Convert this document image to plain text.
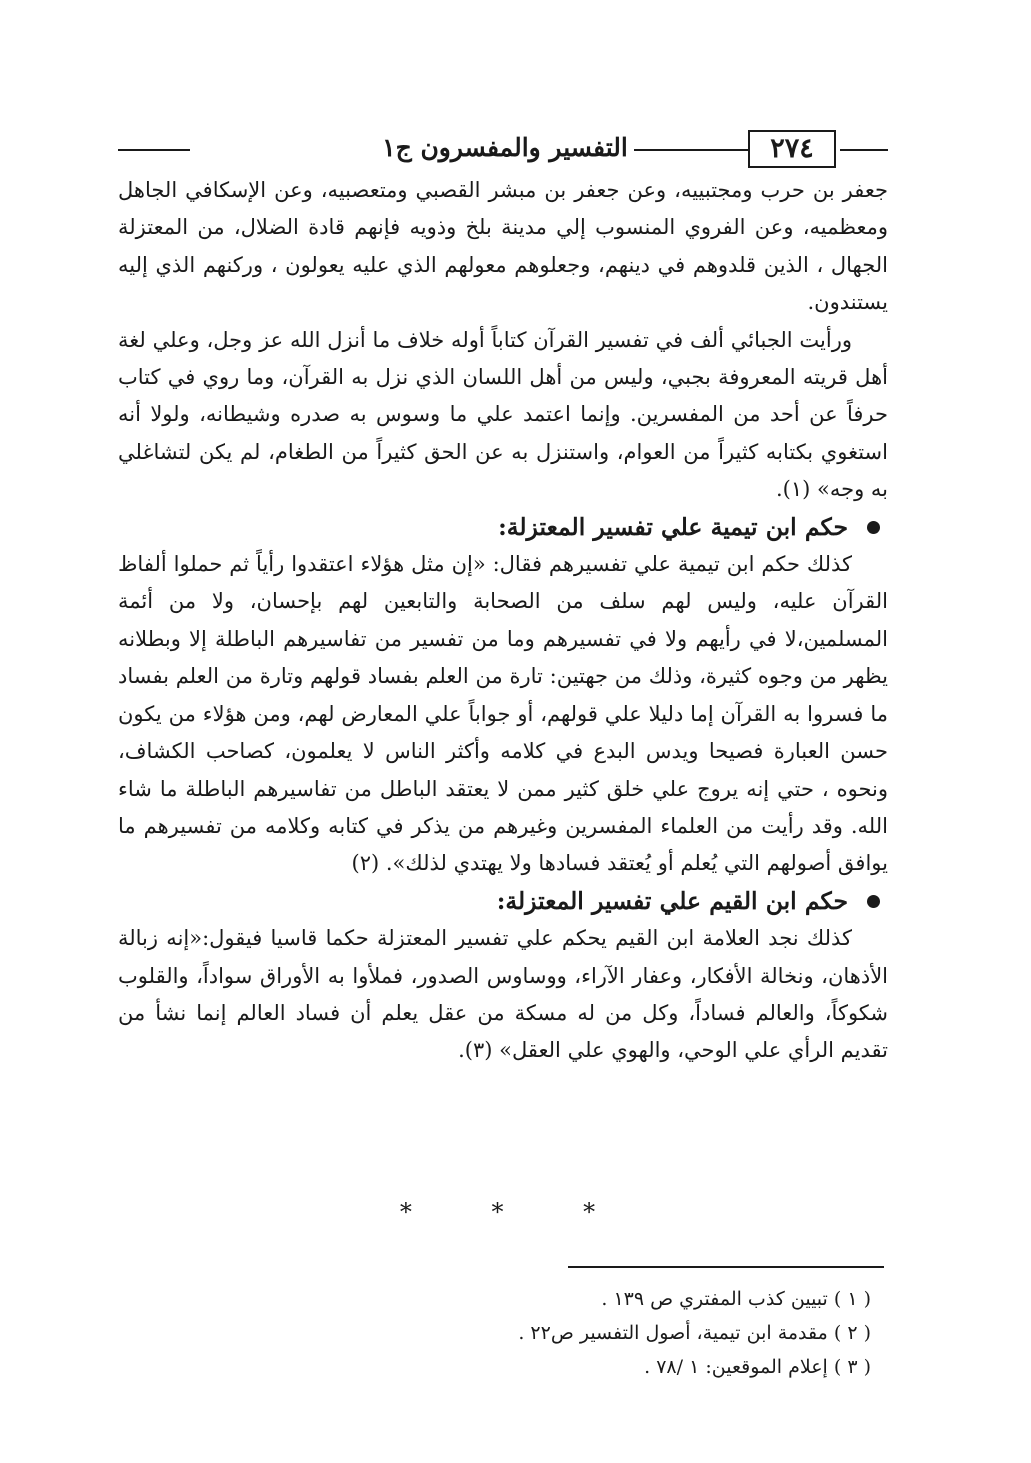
٢٧٤
التفسير والمفسرون ج١

جعفر بن حرب ومجتبييه، وعن جعفر بن مبشر القصبي ومتعصبيه، وعن الإسكافي الجاهل ومعظميه، وعن الفروي المنسوب إلي مدينة بلخ وذويه فإنهم قادة الضلال، من المعتزلة الجهال ، الذين قلدوهم في دينهم، وجعلوهم معولهم الذي عليه يعولون ، وركنهم الذي إليه يستندون.

ورأيت الجبائي ألف في تفسير القرآن كتاباً أوله خلاف ما أنزل الله عز وجل، وعلي لغة أهل قريته المعروفة بجبي، وليس من أهل اللسان الذي نزل به القرآن، وما روي في كتاب حرفاً عن أحد من المفسرين. وإنما اعتمد علي ما وسوس به صدره وشيطانه، ولولا أنه استغوي بكتابه كثيراً من العوام، واستنزل به عن الحق كثيراً من الطغام، لم يكن لتشاغلي به وجه» (١).

حكم ابن تيمية علي تفسير المعتزلة:

كذلك حكم ابن تيمية علي تفسيرهم فقال: «إن مثل هؤلاء اعتقدوا رأياً ثم حملوا ألفاظ القرآن عليه، وليس لهم سلف من الصحابة والتابعين لهم بإحسان، ولا من أئمة المسلمين،لا في رأيهم ولا في تفسيرهم وما من تفسير من تفاسيرهم الباطلة إلا وبطلانه يظهر من وجوه كثيرة، وذلك من جهتين: تارة من العلم بفساد قولهم وتارة من العلم بفساد ما فسروا به القرآن إما دليلا علي قولهم، أو جواباً علي المعارض لهم، ومن هؤلاء من يكون حسن العبارة فصيحا ويدس البدع في كلامه وأكثر الناس لا يعلمون، كصاحب الكشاف، ونحوه ، حتي إنه يروج علي خلق كثير ممن لا يعتقد الباطل من تفاسيرهم الباطلة ما شاء الله. وقد رأيت من العلماء المفسرين وغيرهم من يذكر في كتابه وكلامه من تفسيرهم ما يوافق أصولهم التي يُعلم أو يُعتقد فسادها ولا يهتدي لذلك». (٢)

حكم ابن القيم علي تفسير المعتزلة:

كذلك نجد العلامة ابن القيم يحكم علي تفسير المعتزلة حكما قاسيا فيقول:«إنه زبالة الأذهان، ونخالة الأفكار، وعفار الآراء، ووساوس الصدور، فملأوا به الأوراق سواداً، والقلوب شكوكاً، والعالم فساداً، وكل من له مسكة من عقل يعلم أن فساد العالم إنما نشأ من تقديم الرأي علي الوحي، والهوي علي العقل» (٣).

* * *

( ١ ) تبيين كذب المفتري ص ١٣٩ .

( ٢ ) مقدمة ابن تيمية، أصول التفسير ص٢٢ .

( ٣ ) إعلام الموقعين: ١ /٧٨ .
